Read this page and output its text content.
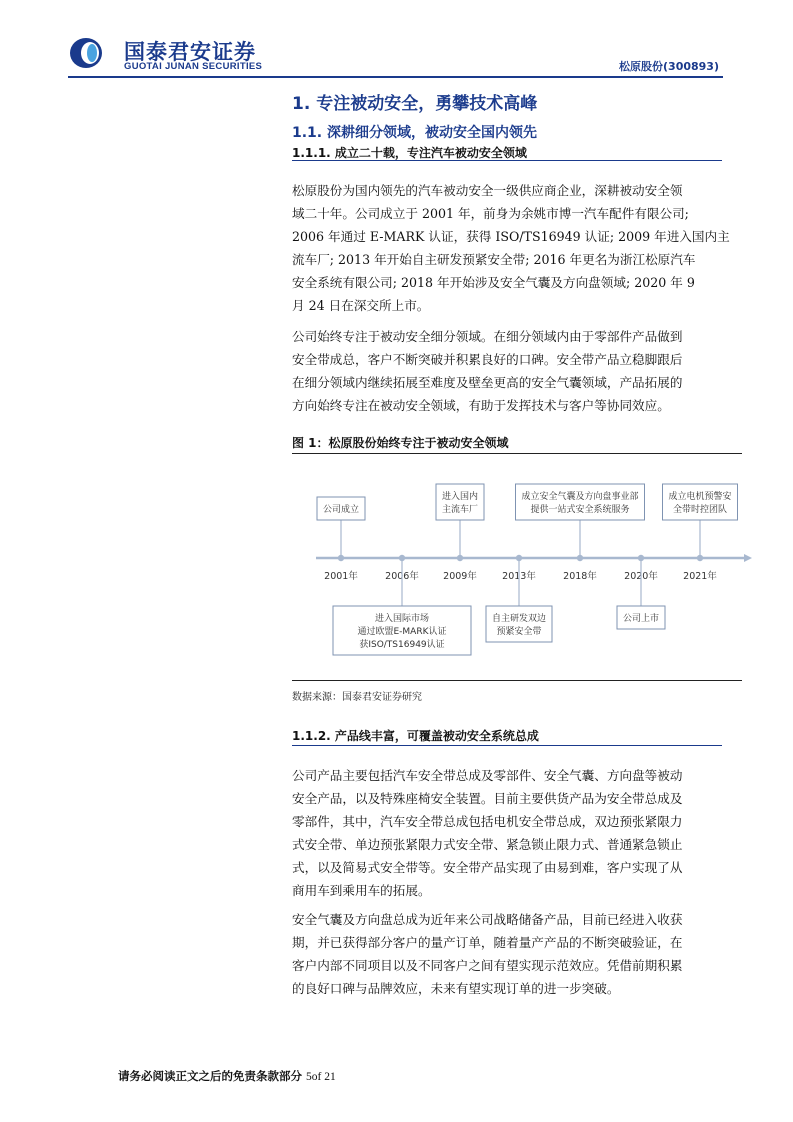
国泰君安证券
GUOTAI JUNAN SECURITIES	松原股份(300893)
1. 专注被动安全，勇攀技术高峰
1.1. 深耕细分领域，被动安全国内领先
1.1.1. 成立二十载，专注汽车被动安全领域
松原股份为国内领先的汽车被动安全一级供应商企业，深耕被动安全领
域二十年。公司成立于 2001 年，前身为余姚市博一汽车配件有限公司;
2006 年通过 E-MARK 认证，获得 ISO/TS16949 认证; 2009 年进入国内主
流车厂; 2013 年开始自主研发预紧安全带; 2016 年更名为浙江松原汽车
安全系统有限公司; 2018 年开始涉及安全气囊及方向盘领域; 2020 年 9
月 24 日在深交所上市。
公司始终专注于被动安全细分领域。在细分领域内由于零部件产品做到
安全带成总，客户不断突破并积累良好的口碑。安全带产品立稳脚跟后
在细分领域内继续拓展至难度及壁垒更高的安全气囊领域，产品拓展的
方向始终专注在被动安全领域，有助于发挥技术与客户等协同效应。
图 1：松原股份始终专注于被动安全领域
2001年	2006年	2009年	2013年	2018年	2020年	2021年
公司成立
进入国内
主流车厂
成立安全气囊及方向盘事业部
提供一站式安全系统服务
成立电机预警安
全带时控团队
进入国际市场
通过欧盟E-MARK认证
获ISO/TS16949认证
自主研发双边
预紧安全带
公司上市
数据来源：国泰君安证券研究
1.1.2. 产品线丰富，可覆盖被动安全系统总成
公司产品主要包括汽车安全带总成及零部件、安全气囊、方向盘等被动
安全产品，以及特殊座椅安全装置。目前主要供货产品为安全带总成及
零部件，其中，汽车安全带总成包括电机安全带总成，双边预张紧限力
式安全带、单边预张紧限力式安全带、紧急锁止限力式、普通紧急锁止
式，以及简易式安全带等。安全带产品实现了由易到难，客户实现了从
商用车到乘用车的拓展。
安全气囊及方向盘总成为近年来公司战略储备产品，目前已经进入收获
期，并已获得部分客户的量产订单，随着量产产品的不断突破验证，在
客户内部不同项目以及不同客户之间有望实现示范效应。凭借前期积累
的良好口碑与品牌效应，未来有望实现订单的进一步突破。
请务必阅读正文之后的免责条款部分 5of 21
